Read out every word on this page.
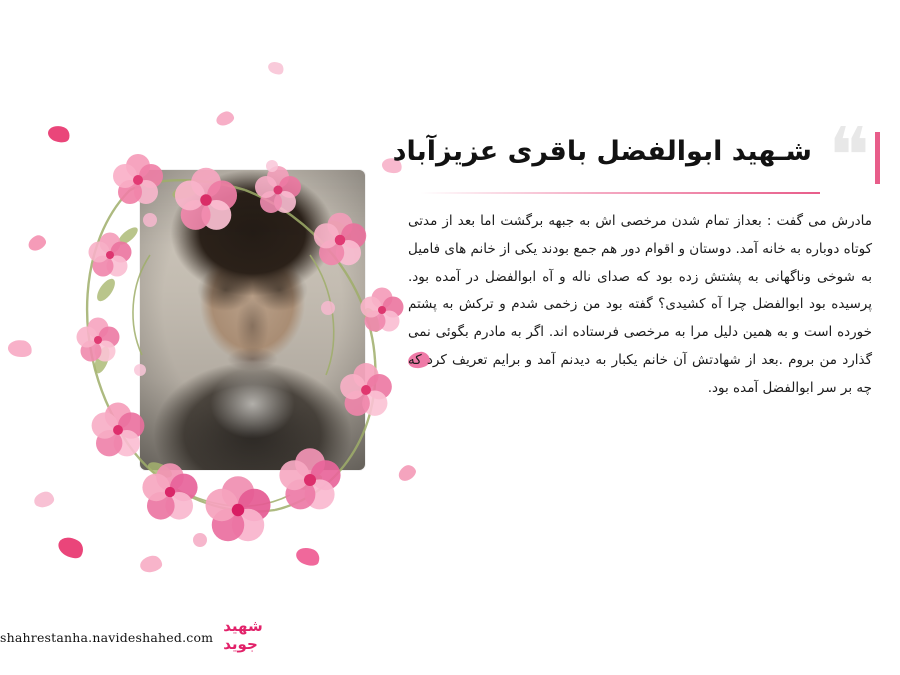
❝
شـهید ابوالفضل باقری عزیزآباد

مادرش می گفت : بعداز تمام شدن مرخصی اش به جبهه برگشت اما بعد از مدتی کوتاه دوباره به خانه آمد. دوستان و اقوام دور هم جمع بودند یکی از خانم های فامیل به شوخی وناگهانی به پشتش زده بود که صدای ناله و آه ابوالفضل در آمده بود. پرسیده بود ابوالفضل چرا آه کشیدی؟ گفته بود من زخمی شدم و ترکش به پشتم خورده است و به همین دلیل مرا به مرخصی فرستاده اند. اگر به مادرم بگوئی نمی گذارد من بروم .بعد از شهادتش آن خانم یکبار به دیدنم آمد و برایم تعریف کرد که چه بر سر ابوالفضل آمده بود.

شهید
جوید
shahrestanha.navideshahed.com
